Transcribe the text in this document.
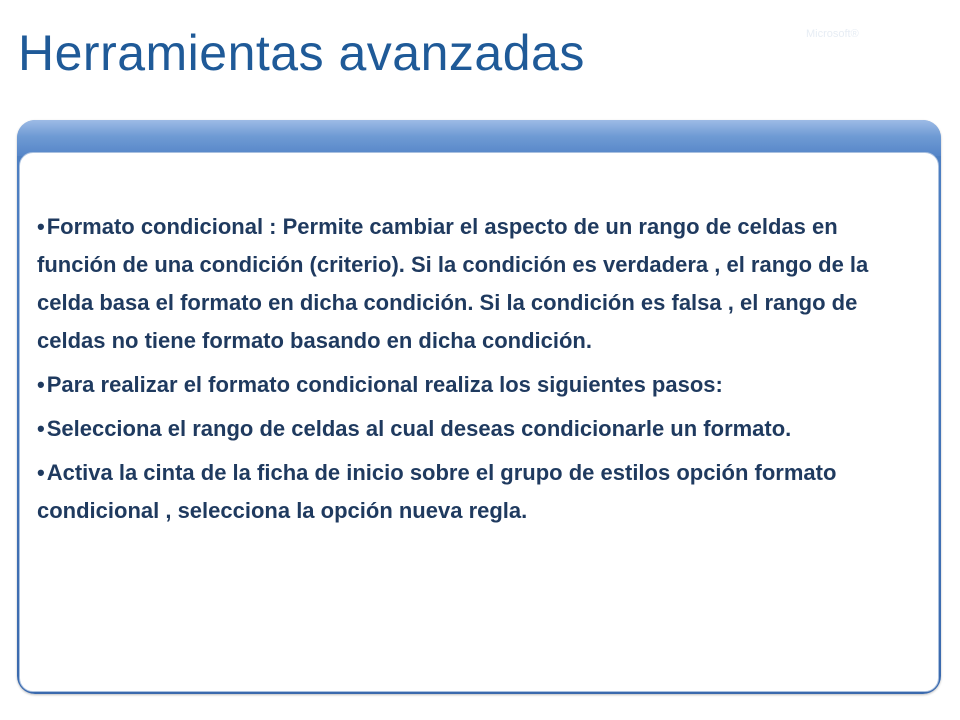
Herramientas avanzadas	Microsoft®
•Formato condicional : Permite cambiar el aspecto de un rango de celdas en función de una condición (criterio). Si la condición es verdadera , el rango de la celda basa el formato en dicha condición. Si la condición es falsa , el rango de celdas no tiene formato basando en dicha condición.
•Para realizar el formato condicional realiza los siguientes pasos:
•Selecciona el rango de celdas al cual deseas condicionarle un formato.
•Activa la cinta de la ficha de inicio sobre el grupo de estilos opción formato condicional , selecciona la opción nueva regla.
